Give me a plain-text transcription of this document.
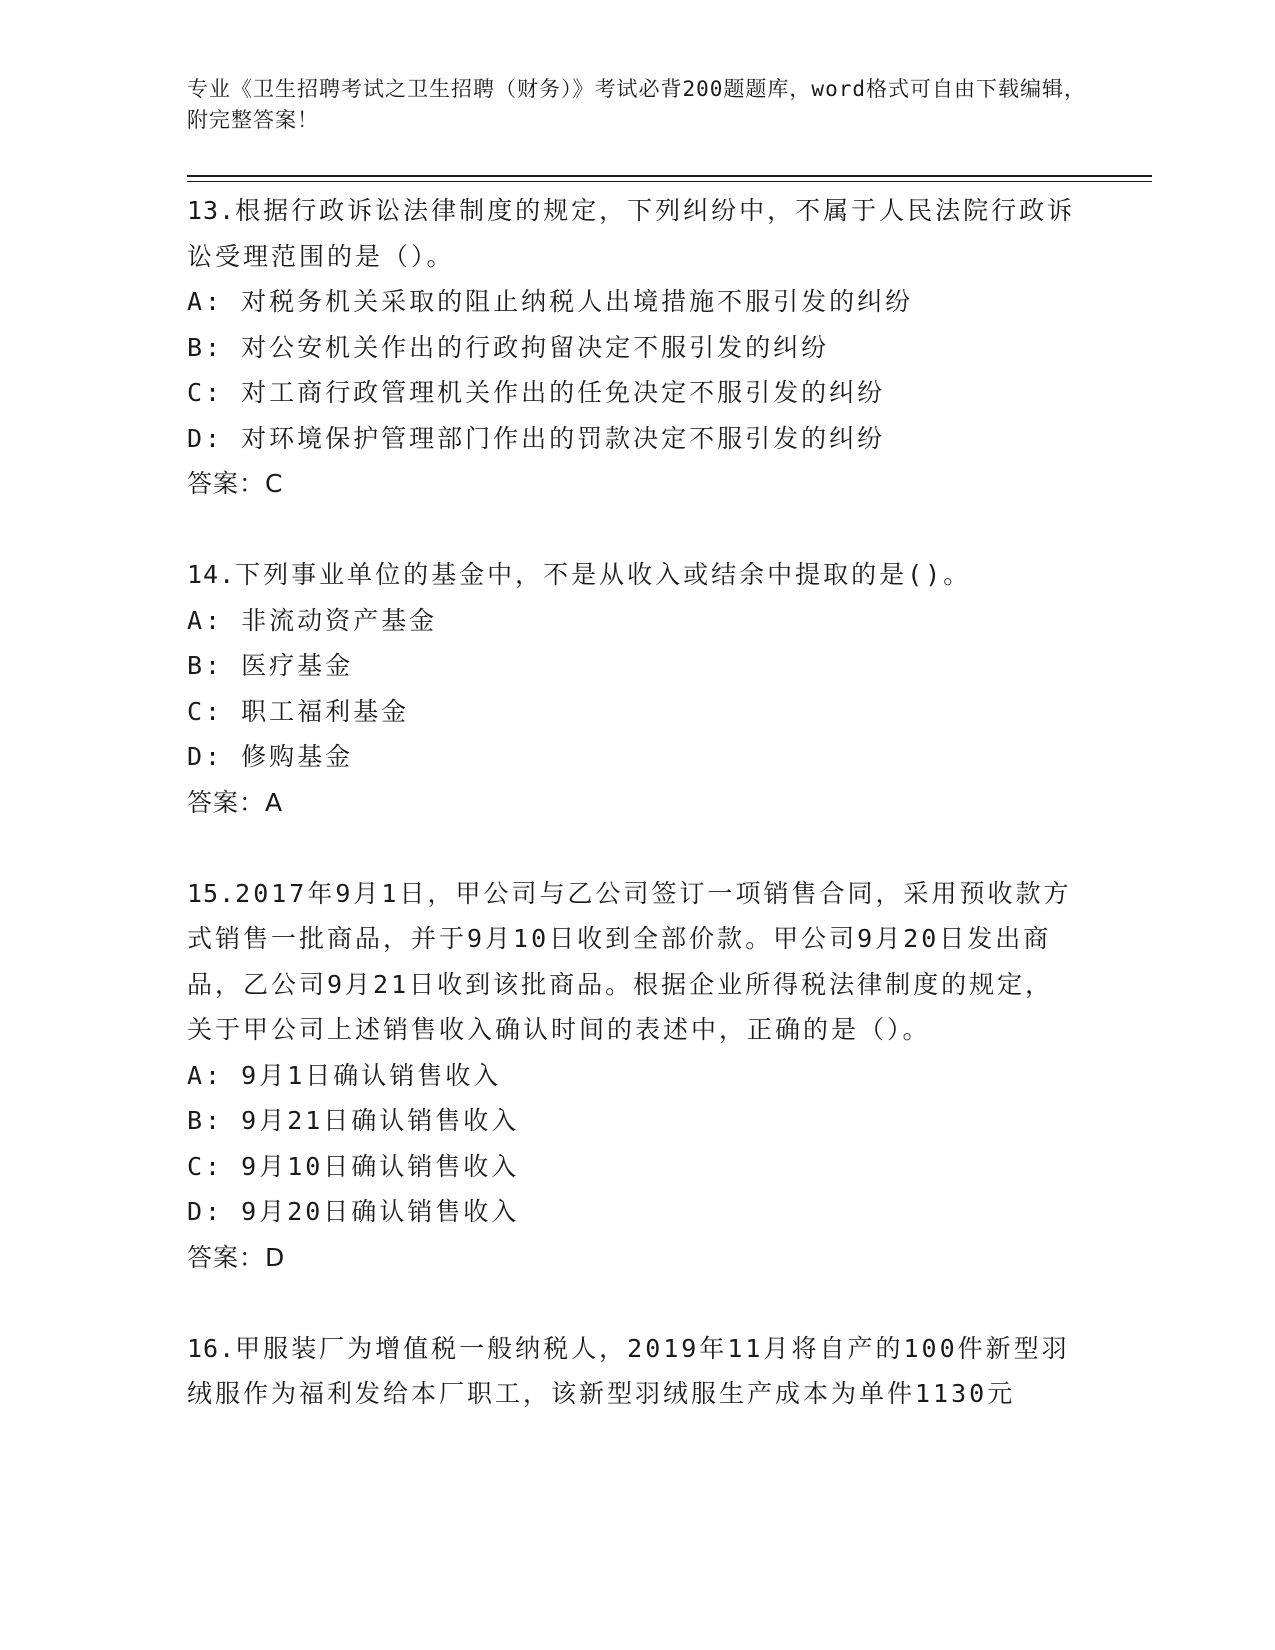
专业《卫生招聘考试之卫生招聘（财务）》考试必背200题题库，word格式可自由下载编辑，附完整答案！
13.根据行政诉讼法律制度的规定，下列纠纷中，不属于人民法院行政诉讼受理范围的是（）。
A: 对税务机关采取的阻止纳税人出境措施不服引发的纠纷
B: 对公安机关作出的行政拘留决定不服引发的纠纷
C: 对工商行政管理机关作出的任免决定不服引发的纠纷
D: 对环境保护管理部门作出的罚款决定不服引发的纠纷
答案：C
14.下列事业单位的基金中，不是从收入或结余中提取的是()。
A: 非流动资产基金
B: 医疗基金
C: 职工福利基金
D: 修购基金
答案：A
15.2017年9月1日，甲公司与乙公司签订一项销售合同，采用预收款方式销售一批商品，并于9月10日收到全部价款。甲公司9月20日发出商品，乙公司9月21日收到该批商品。根据企业所得税法律制度的规定，关于甲公司上述销售收入确认时间的表述中，正确的是（）。
A: 9月1日确认销售收入
B: 9月21日确认销售收入
C: 9月10日确认销售收入
D: 9月20日确认销售收入
答案：D
16.甲服装厂为增值税一般纳税人，2019年11月将自产的100件新型羽绒服作为福利发给本厂职工，该新型羽绒服生产成本为单件1130元
